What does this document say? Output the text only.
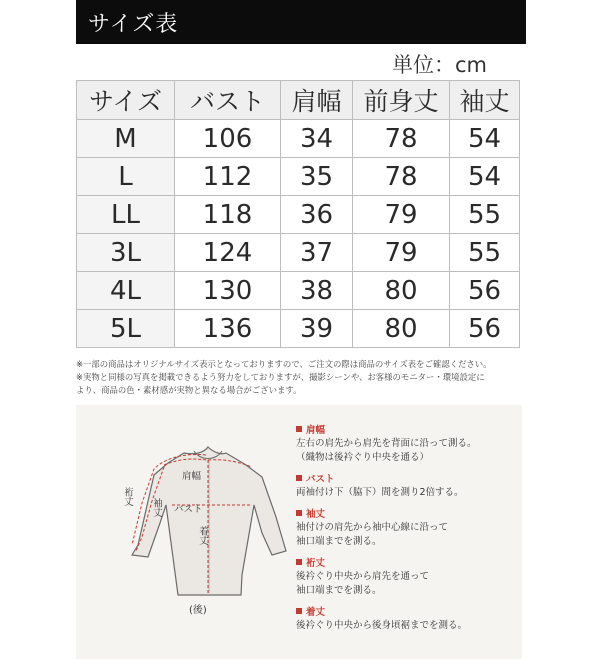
サイズ表
単位：cm
サイズ	バスト	肩幅	前身丈	袖丈
M	106	34	78	54
L	112	35	78	54
LL	118	36	79	55
3L	124	37	79	55
4L	130	38	80	56
5L	136	39	80	56
※一部の商品はオリジナルサイズ表示となっておりますので、ご注文の際は商品のサイズ表をご確認ください。
※実物と同様の写真を掲載できるよう努力をしておりますが、撮影シーンや、お客様のモニター・環境設定に
より、商品の色・素材感が実物と異なる場合がございます。
肩幅
バスト
着丈
袖丈
裄丈
(後)
肩幅
左右の肩先から肩先を背面に沿って測る。
（織物は後衿ぐり中央を通る）
バスト
両袖付け下（脇下）間を測り2倍する。
袖丈
袖付けの肩先から袖中心線に沿って
袖口端までを測る。
裄丈
後衿ぐり中央から肩先を通って
袖口端までを測る。
着丈
後衿ぐり中央から後身頃裾までを測る。
